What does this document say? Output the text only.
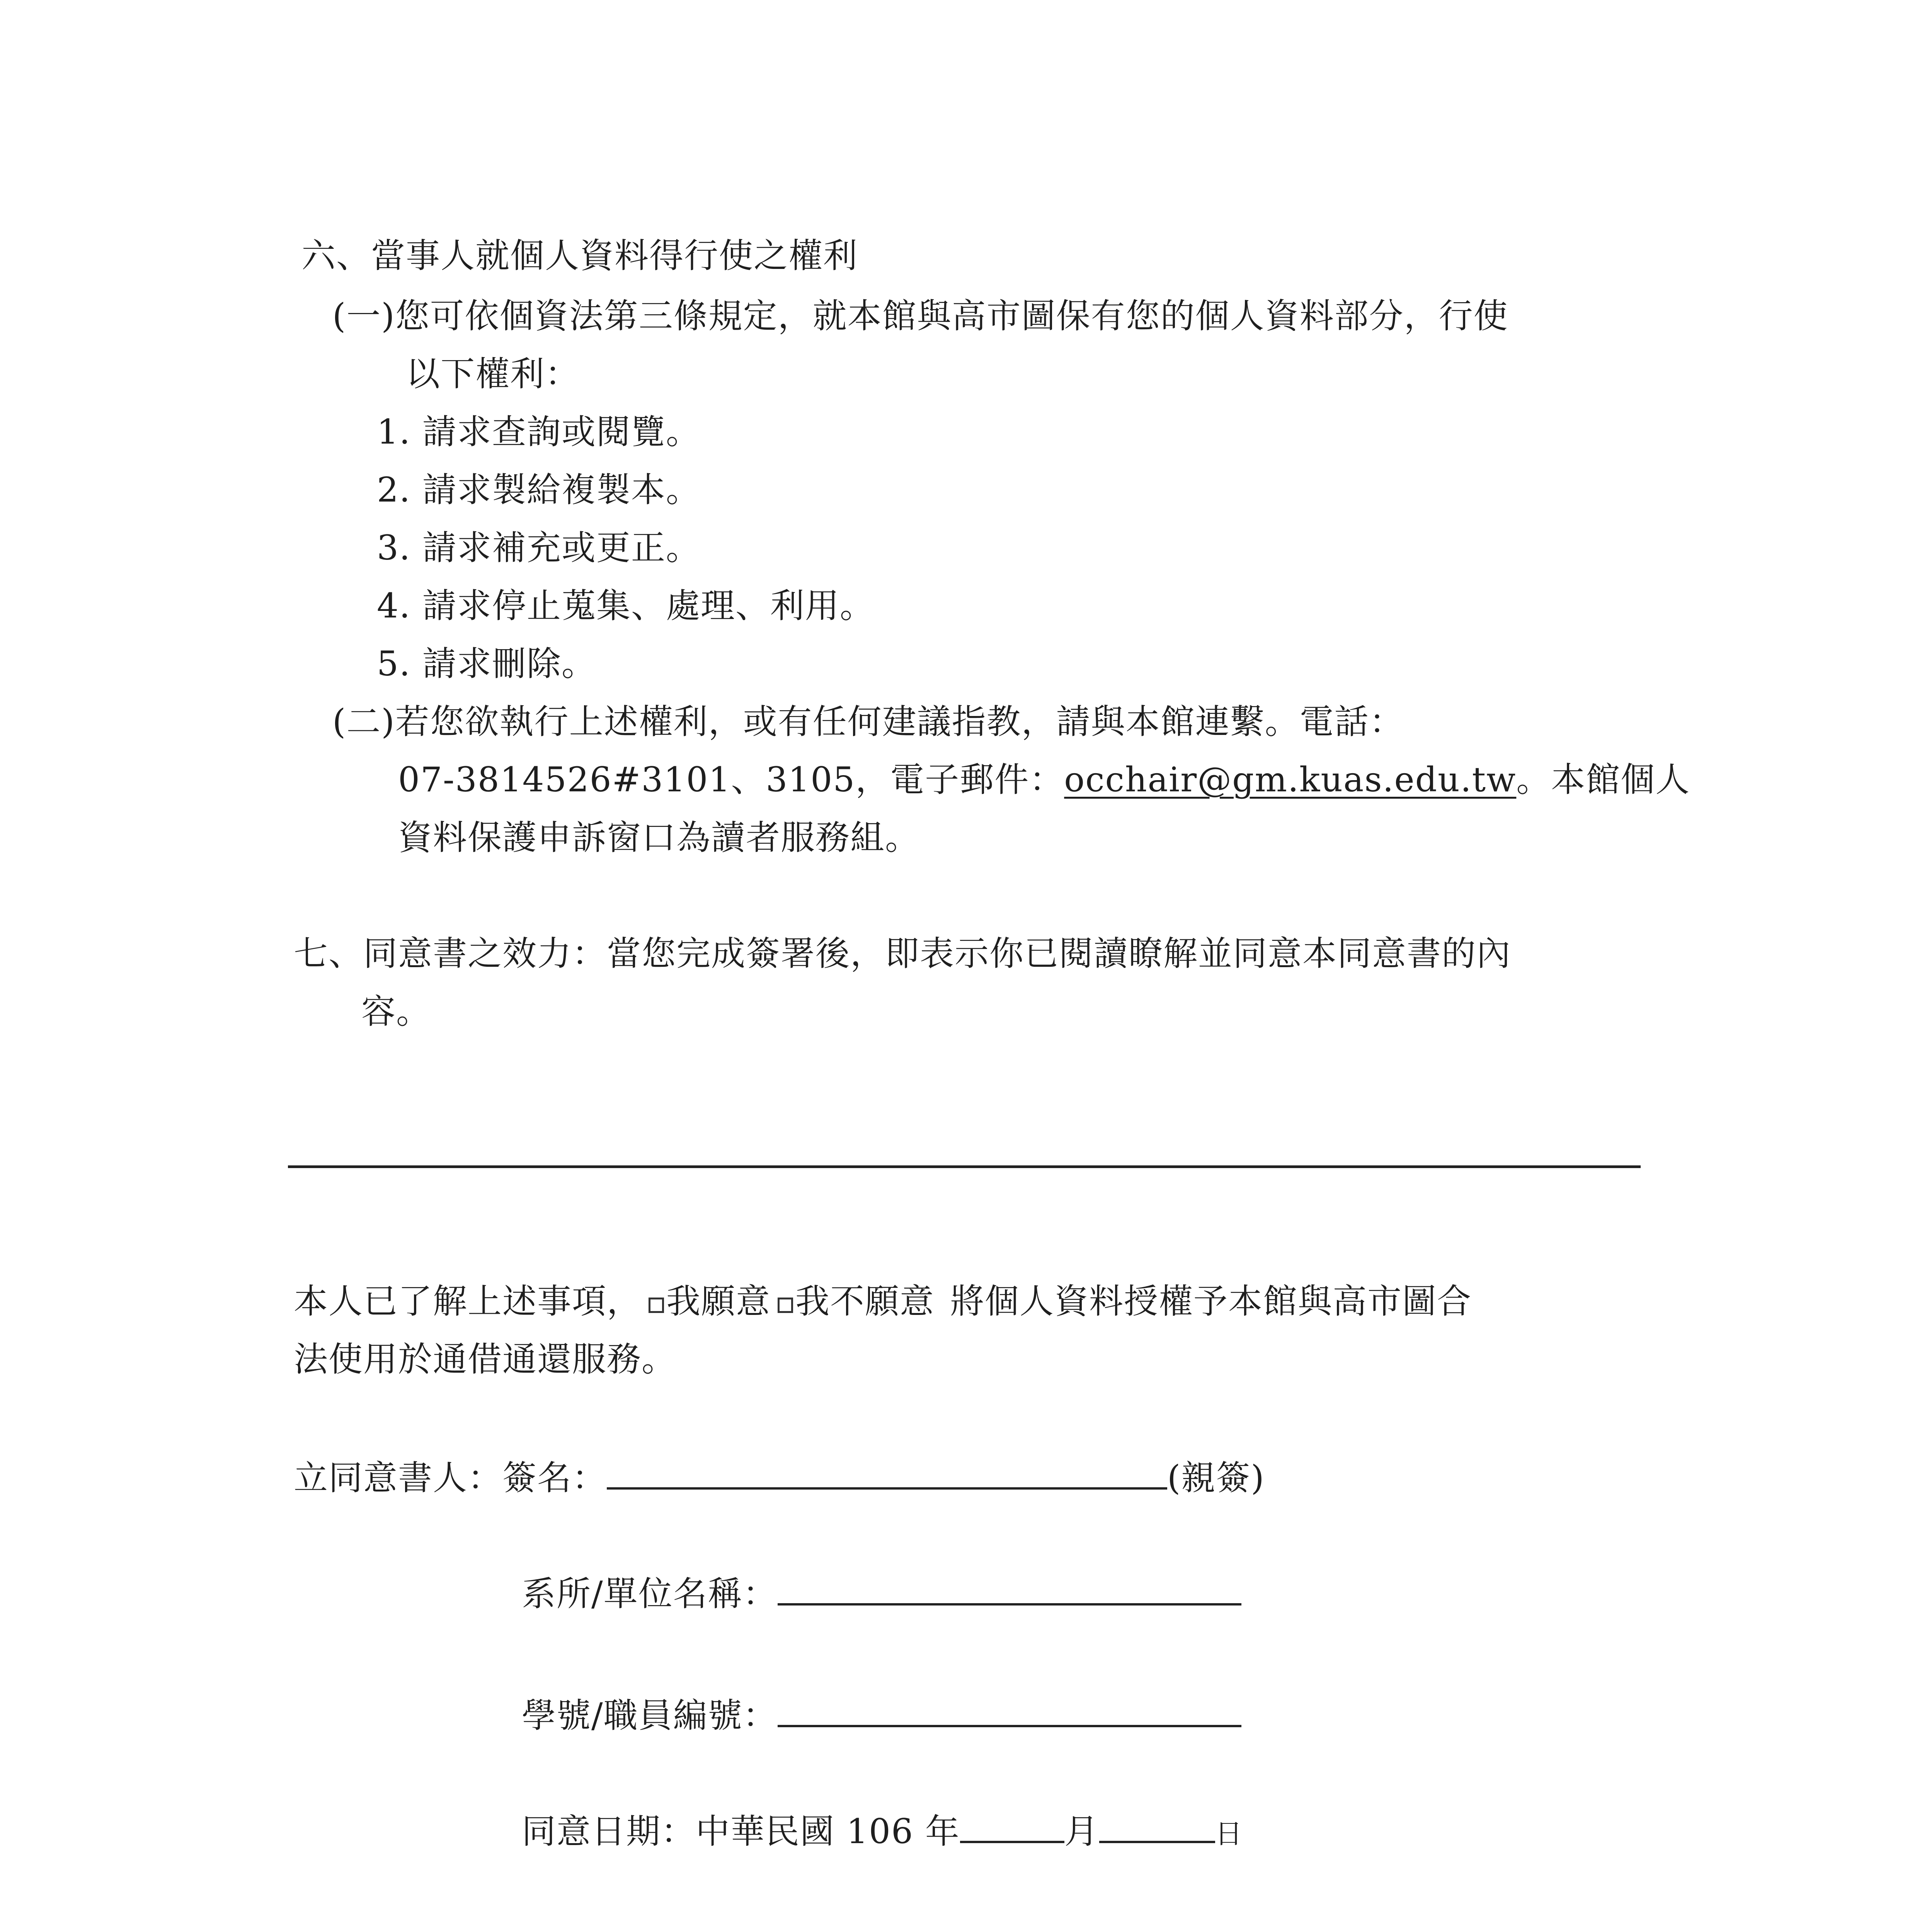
六、當事人就個人資料得行使之權利
(一)您可依個資法第三條規定，就本館與高市圖保有您的個人資料部分，行使
以下權利：
1. 請求查詢或閱覽。
2. 請求製給複製本。
3. 請求補充或更正。
4. 請求停止蒐集、處理、利用。
5. 請求刪除。
(二)若您欲執行上述權利，或有任何建議指教，請與本館連繫。電話：
07-3814526#3101、3105，電子郵件：occhair@gm.kuas.edu.tw。本館個人
資料保護申訴窗口為讀者服務組。
七、同意書之效力：當您完成簽署後，即表示你已閱讀瞭解並同意本同意書的內
容。
本人已了解上述事項， 我願意 我不願意 將個人資料授權予本館與高市圖合
法使用於通借通還服務。
立同意書人：簽名：	(親簽)
系所/單位名稱：
學號/職員編號：
同意日期：中華民國 106 年	月	日
